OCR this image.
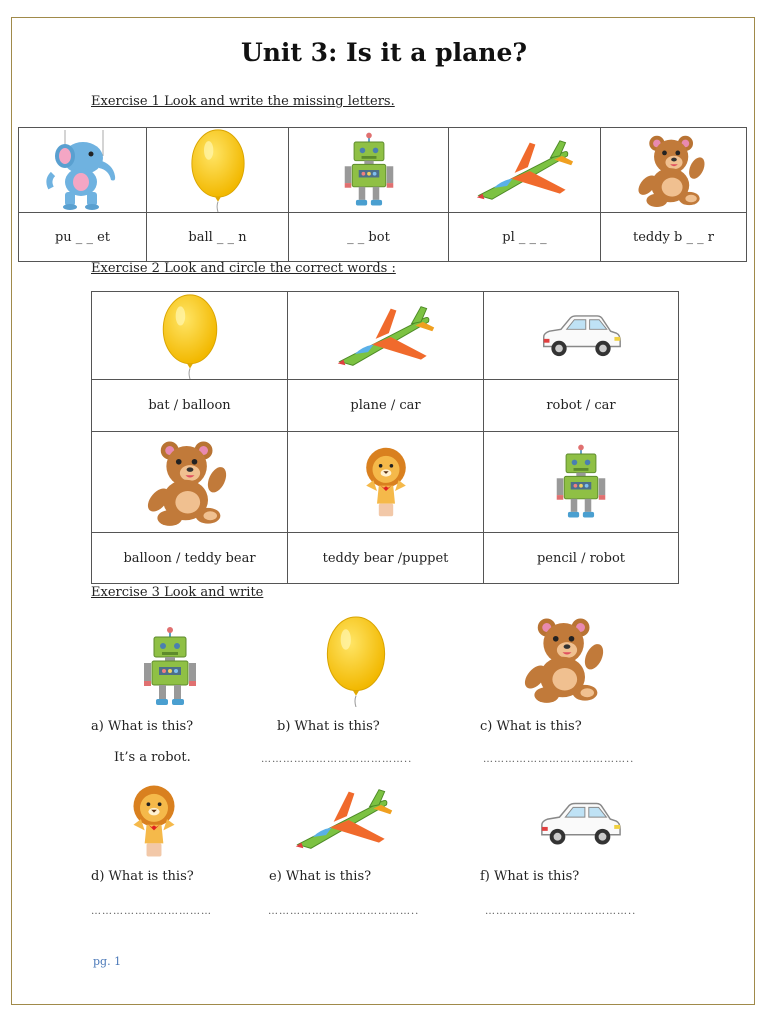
Unit 3: Is it a plane?
Exercise 1 Look and write the missing letters.

pu _ _ et	ball _ _ n	_ _ bot	pl _ _ _	teddy b _ _ r
Exercise 2 Look and circle the correct words :

bat / balloon	plane / car	robot / car

balloon / teddy bear	teddy bear /puppet	pencil / robot
Exercise 3 Look and write
a) What is this?	b) What is this?	c) What is this?
It’s a robot.	…………………………………..	…………………………………..
d) What is this?	e) What is this?	f) What is this?
……………………………	…………………………………..	…………………………………..
pg. 1
